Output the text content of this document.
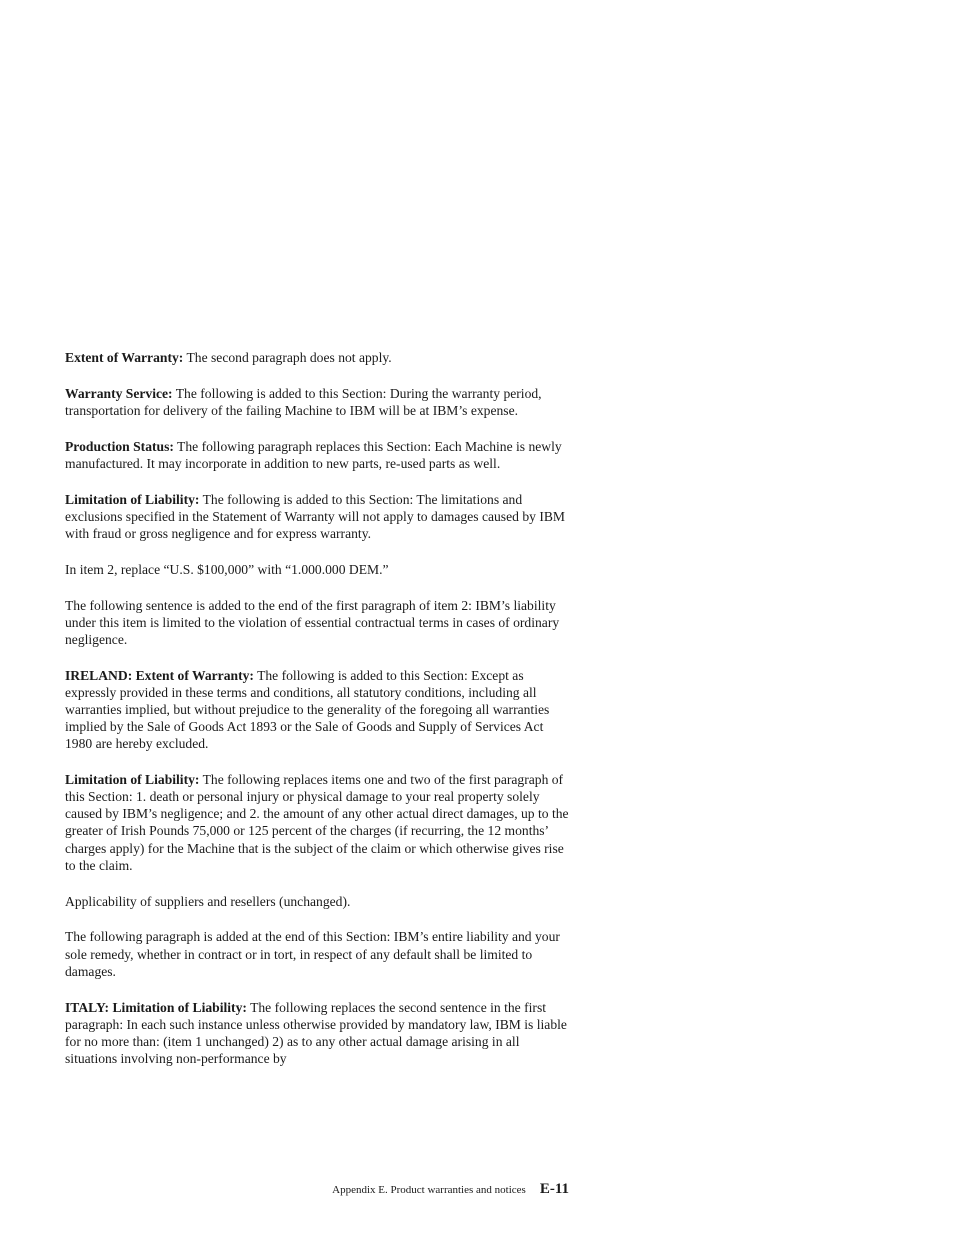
Extent of Warranty: The second paragraph does not apply.

Warranty Service: The following is added to this Section: During the warranty period, transportation for delivery of the failing Machine to IBM will be at IBM’s expense.

Production Status: The following paragraph replaces this Section: Each Machine is newly manufactured. It may incorporate in addition to new parts, re-used parts as well.

Limitation of Liability: The following is added to this Section: The limitations and exclusions specified in the Statement of Warranty will not apply to damages caused by IBM with fraud or gross negligence and for express warranty.

In item 2, replace “U.S. $100,000” with “1.000.000 DEM.”

The following sentence is added to the end of the first paragraph of item 2: IBM’s liability under this item is limited to the violation of essential contractual terms in cases of ordinary negligence.

IRELAND: Extent of Warranty: The following is added to this Section: Except as expressly provided in these terms and conditions, all statutory conditions, including all warranties implied, but without prejudice to the generality of the foregoing all warranties implied by the Sale of Goods Act 1893 or the Sale of Goods and Supply of Services Act 1980 are hereby excluded.

Limitation of Liability: The following replaces items one and two of the first paragraph of this Section: 1. death or personal injury or physical damage to your real property solely caused by IBM’s negligence; and 2. the amount of any other actual direct damages, up to the greater of Irish Pounds 75,000 or 125 percent of the charges (if recurring, the 12 months’ charges apply) for the Machine that is the subject of the claim or which otherwise gives rise to the claim.

Applicability of suppliers and resellers (unchanged).

The following paragraph is added at the end of this Section: IBM’s entire liability and your sole remedy, whether in contract or in tort, in respect of any default shall be limited to damages.

ITALY: Limitation of Liability: The following replaces the second sentence in the first paragraph: In each such instance unless otherwise provided by mandatory law, IBM is liable for no more than: (item 1 unchanged) 2) as to any other actual damage arising in all situations involving non-performance by

Appendix E. Product warranties and notices E-11
